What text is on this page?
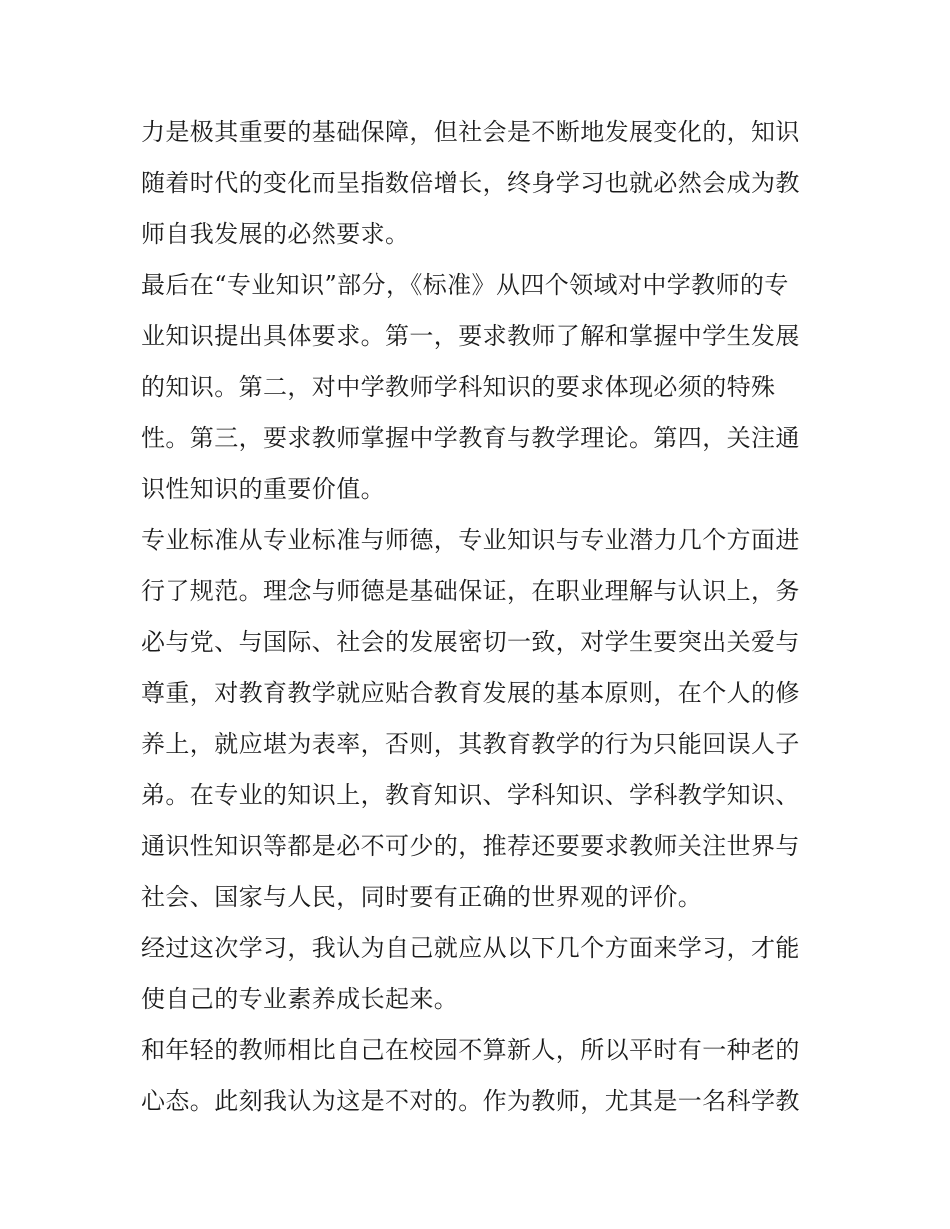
力是极其重要的基础保障，但社会是不断地发展变化的，知识
随着时代的变化而呈指数倍增长，终身学习也就必然会成为教
师自我发展的必然要求。
最后在“专业知识”部分，《标准》从四个领域对中学教师的专
业知识提出具体要求。第一，要求教师了解和掌握中学生发展
的知识。第二，对中学教师学科知识的要求体现必须的特殊
性。第三，要求教师掌握中学教育与教学理论。第四，关注通
识性知识的重要价值。
专业标准从专业标准与师德，专业知识与专业潜力几个方面进
行了规范。理念与师德是基础保证，在职业理解与认识上，务
必与党、与国际、社会的发展密切一致，对学生要突出关爱与
尊重，对教育教学就应贴合教育发展的基本原则，在个人的修
养上，就应堪为表率，否则，其教育教学的行为只能回误人子
弟。在专业的知识上，教育知识、学科知识、学科教学知识、
通识性知识等都是必不可少的，推荐还要要求教师关注世界与
社会、国家与人民，同时要有正确的世界观的评价。
经过这次学习，我认为自己就应从以下几个方面来学习，才能
使自己的专业素养成长起来。
和年轻的教师相比自己在校园不算新人，所以平时有一种老的
心态。此刻我认为这是不对的。作为教师，尤其是一名科学教
